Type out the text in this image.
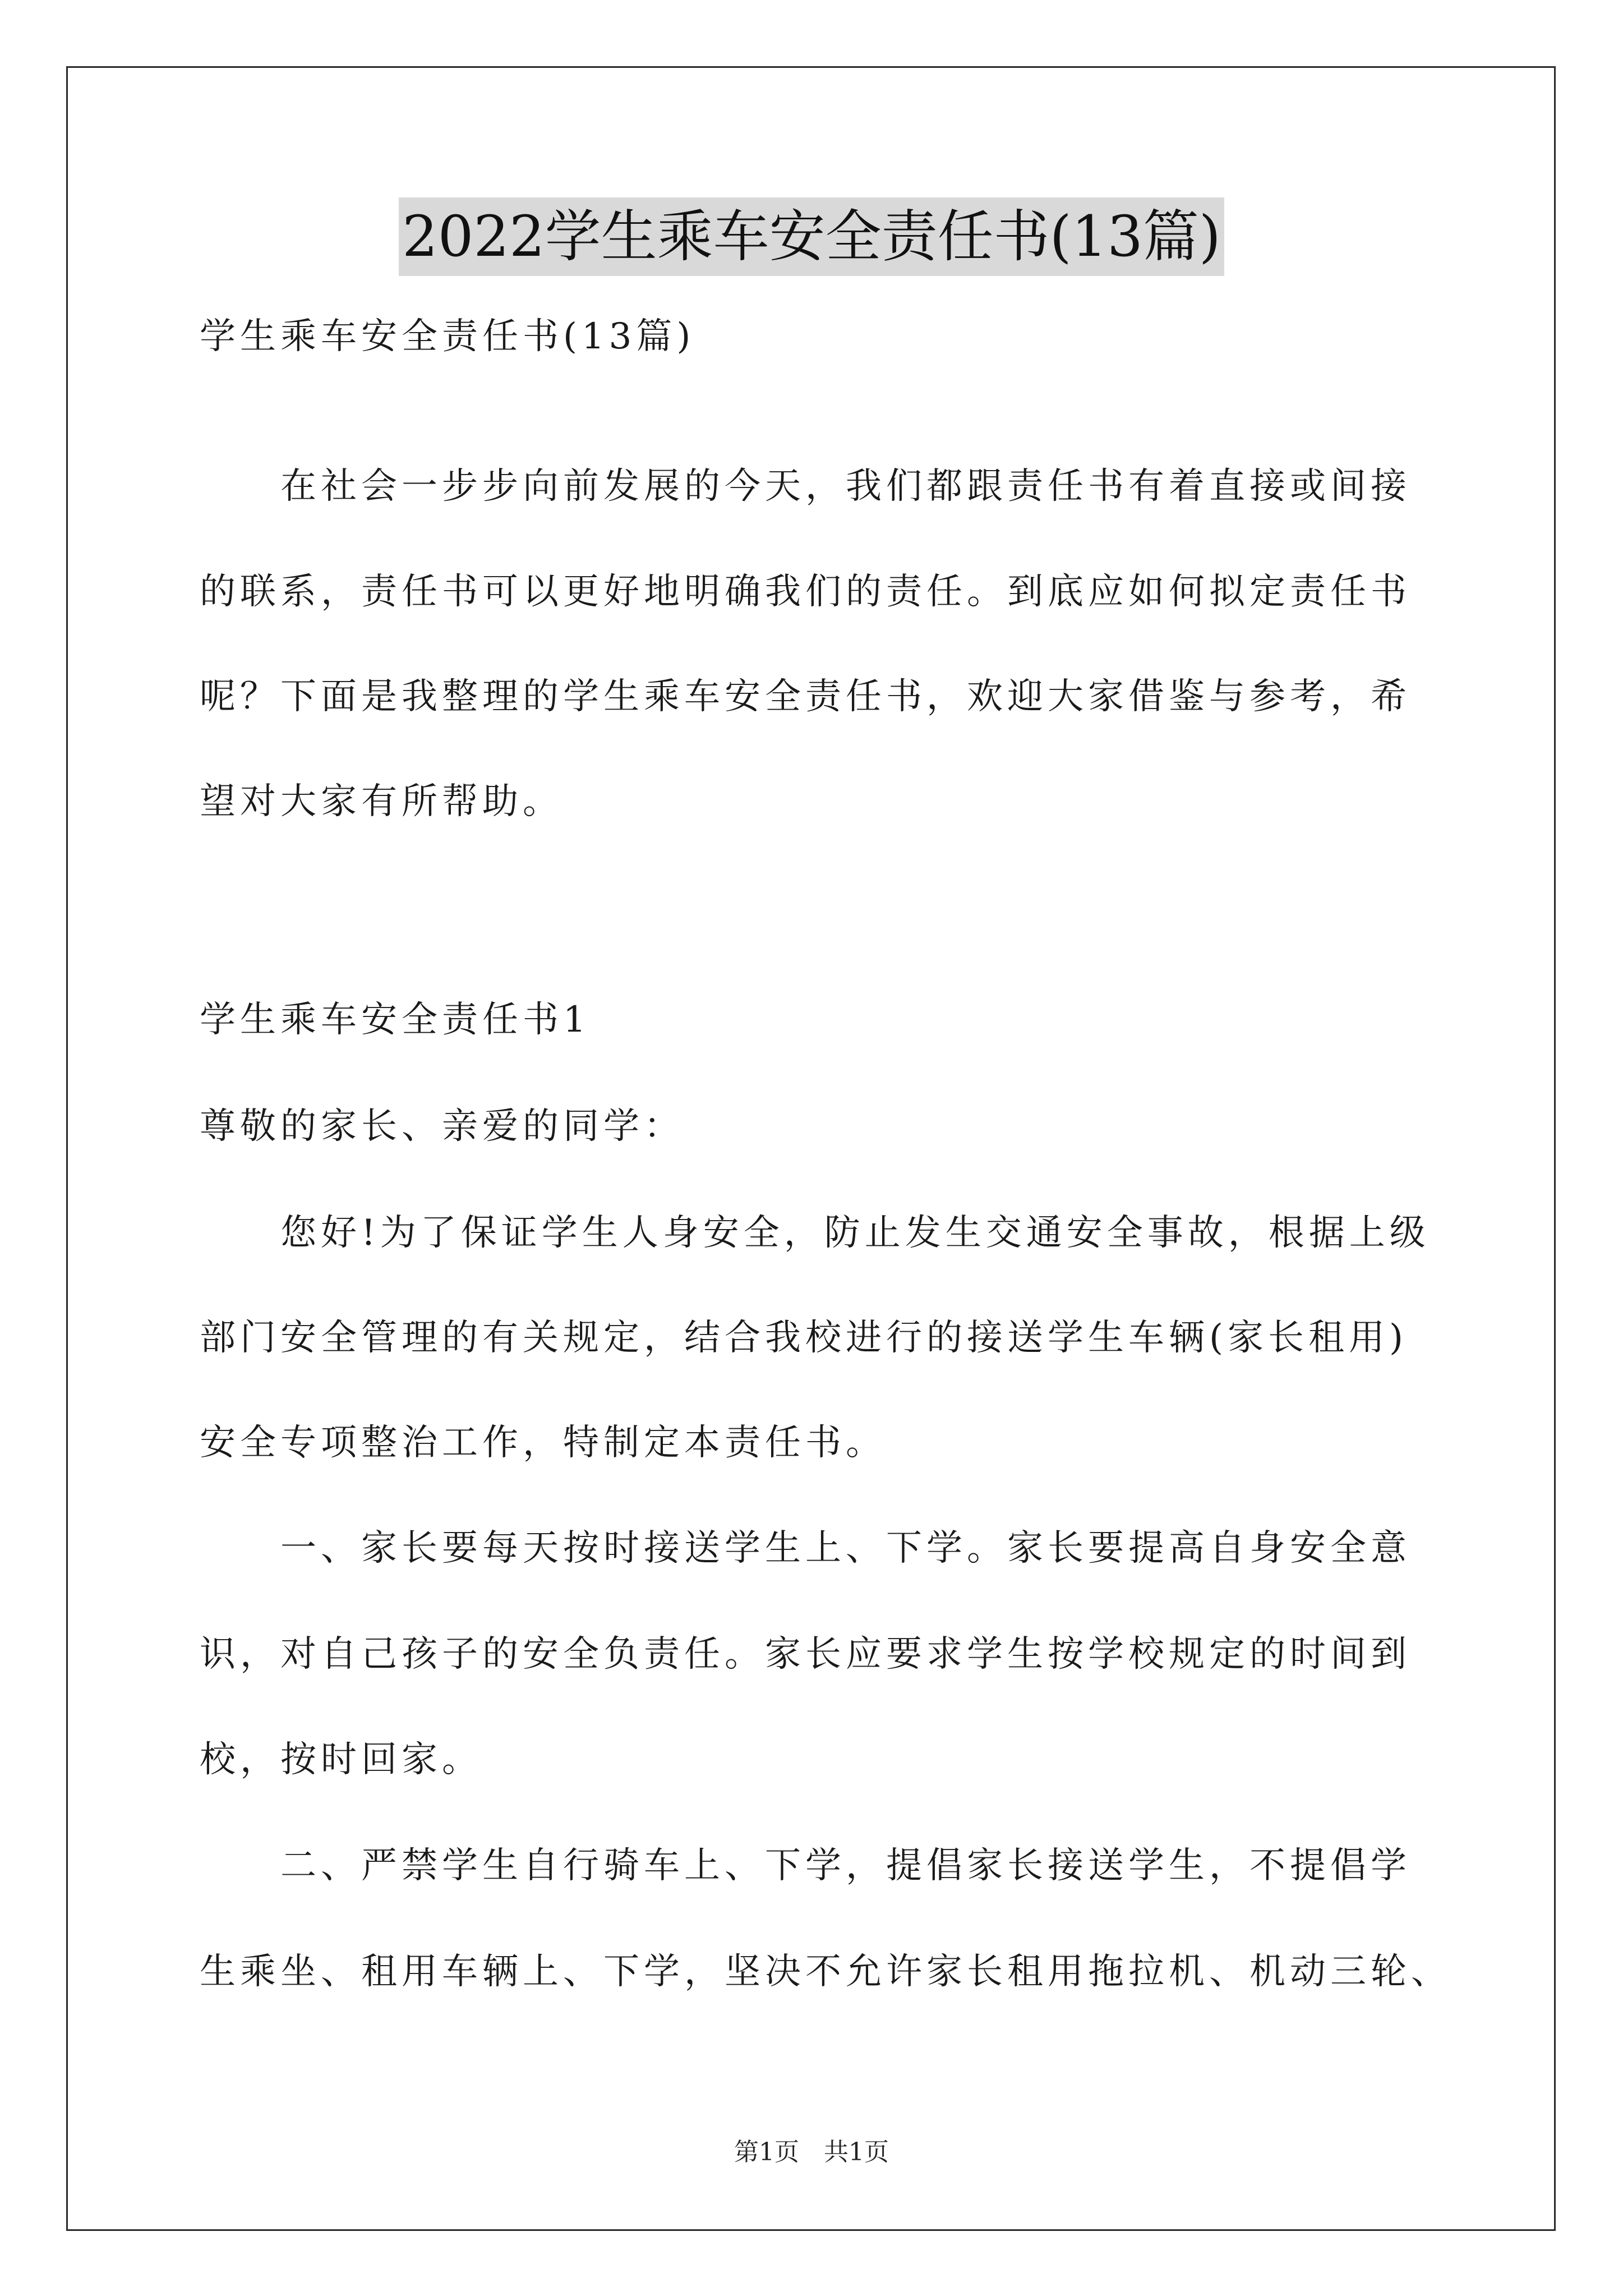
2022学生乘车安全责任书(13篇)
学生乘车安全责任书(13篇)
　　在社会一步步向前发展的今天，我们都跟责任书有着直接或间接
的联系，责任书可以更好地明确我们的责任。到底应如何拟定责任书
呢？下面是我整理的学生乘车安全责任书，欢迎大家借鉴与参考，希
望对大家有所帮助。
学生乘车安全责任书1
尊敬的家长、亲爱的同学：
　　您好!为了保证学生人身安全，防止发生交通安全事故，根据上级
部门安全管理的有关规定，结合我校进行的接送学生车辆(家长租用)
安全专项整治工作，特制定本责任书。
　　一、家长要每天按时接送学生上、下学。家长要提高自身安全意
识，对自己孩子的安全负责任。家长应要求学生按学校规定的时间到
校，按时回家。
　　二、严禁学生自行骑车上、下学，提倡家长接送学生，不提倡学
生乘坐、租用车辆上、下学，坚决不允许家长租用拖拉机、机动三轮、
第1页　共1页
